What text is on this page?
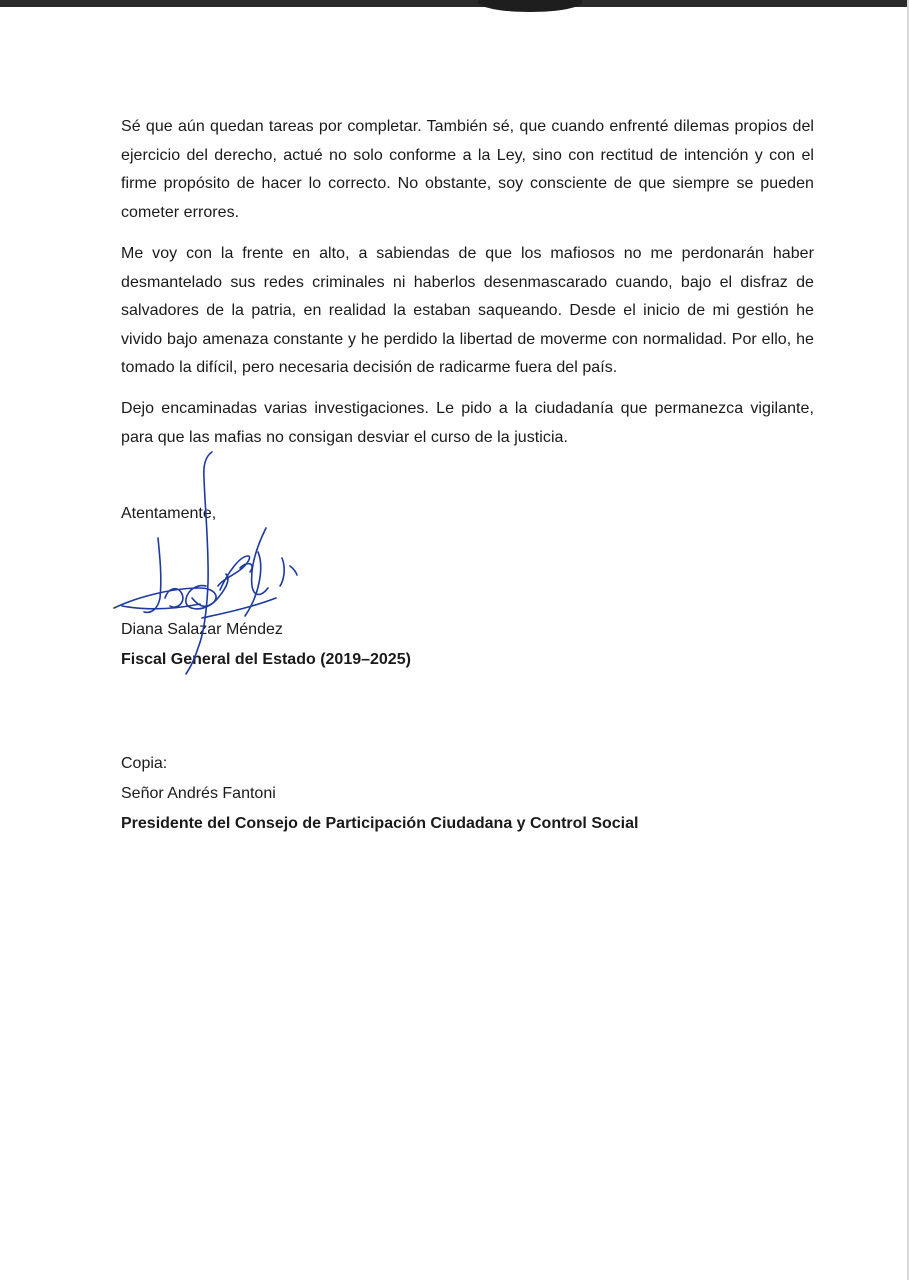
Sé que aún quedan tareas por completar. También sé, que cuando enfrenté dilemas propios del ejercicio del derecho, actué no solo conforme a la Ley, sino con rectitud de intención y con el firme propósito de hacer lo correcto. No obstante, soy consciente de que siempre se pueden cometer errores.

Me voy con la frente en alto, a sabiendas de que los mafiosos no me perdonarán haber desmantelado sus redes criminales ni haberlos desenmascarado cuando, bajo el disfraz de salvadores de la patria, en realidad la estaban saqueando. Desde el inicio de mi gestión he vivido bajo amenaza constante y he perdido la libertad de moverme con normalidad. Por ello, he tomado la difícil, pero necesaria decisión de radicarme fuera del país.

Dejo encaminadas varias investigaciones. Le pido a la ciudadanía que permanezca vigilante, para que las mafias no consigan desviar el curso de la justicia.

Atentamente,
Diana Salazar Méndez
Fiscal General del Estado (2019–2025)
Copia:
Señor Andrés Fantoni
Presidente del Consejo de Participación Ciudadana y Control Social
